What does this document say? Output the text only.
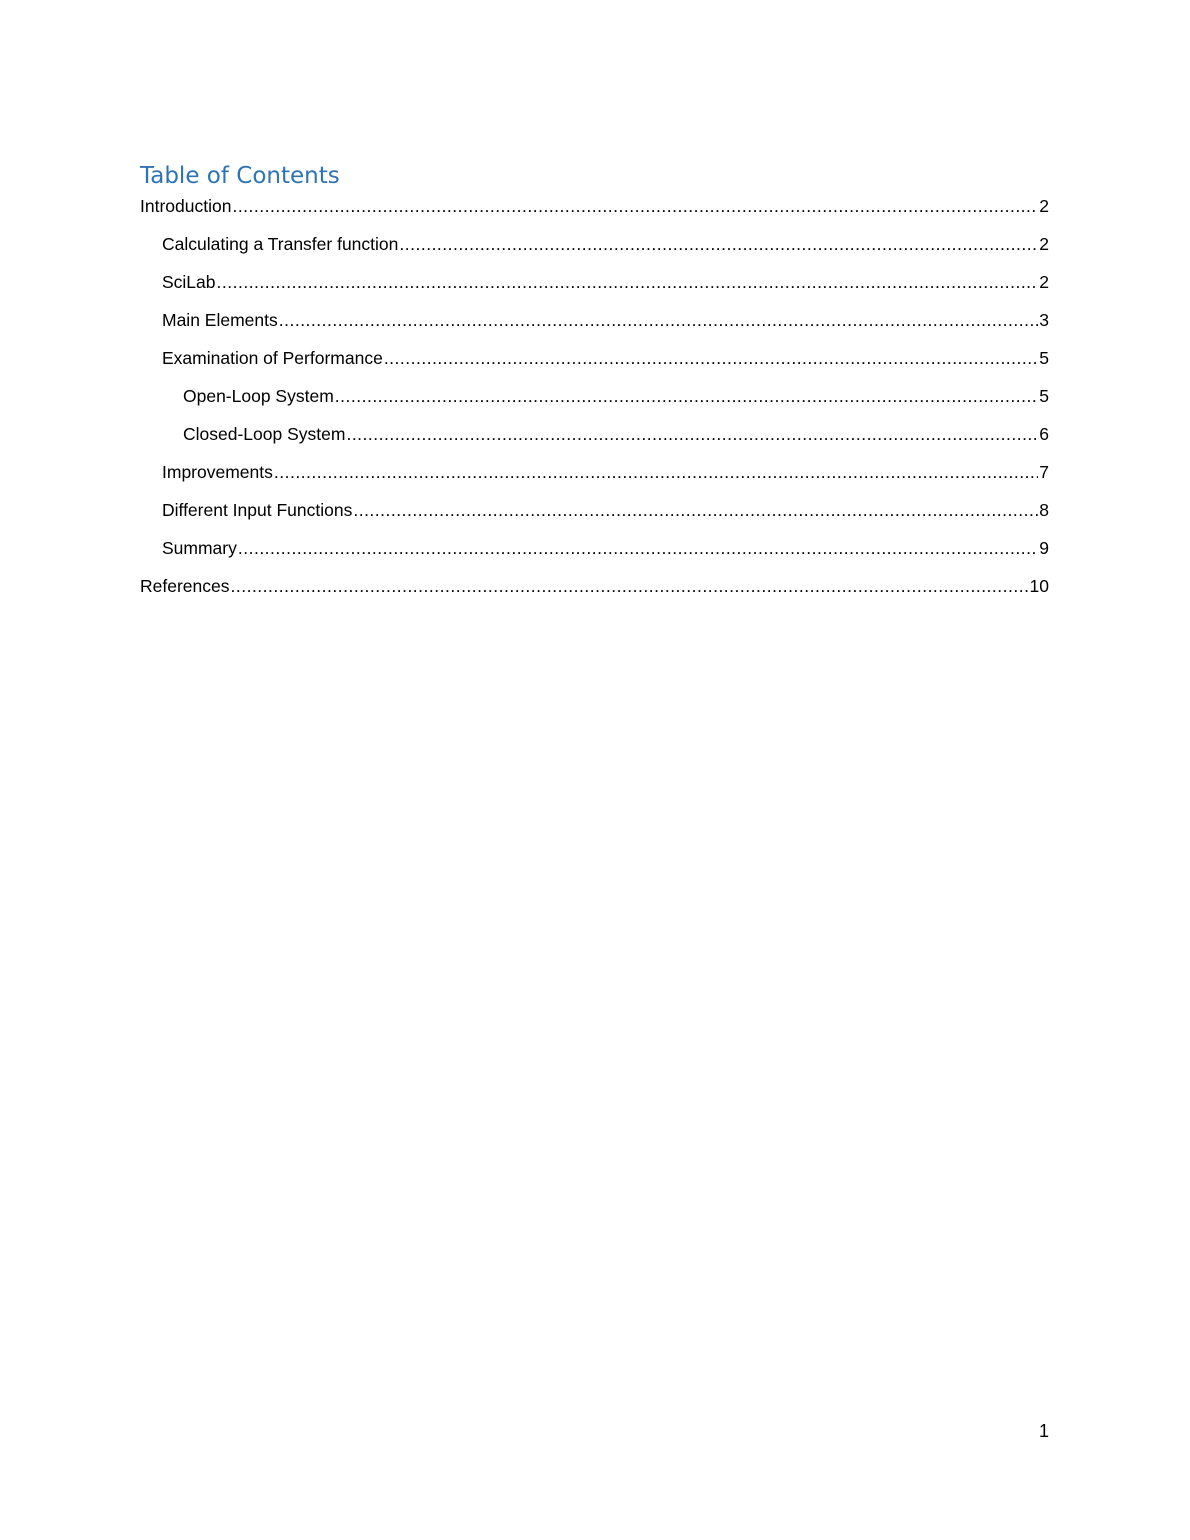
Table of Contents
Introduction .....	2
Calculating a Transfer function .....	2
SciLab .....	2
Main Elements .....	3
Examination of Performance .....	5
Open-Loop System .....	5
Closed-Loop System .....	6
Improvements .....	7
Different Input Functions .....	8
Summary .....	9
References .....	10
1
